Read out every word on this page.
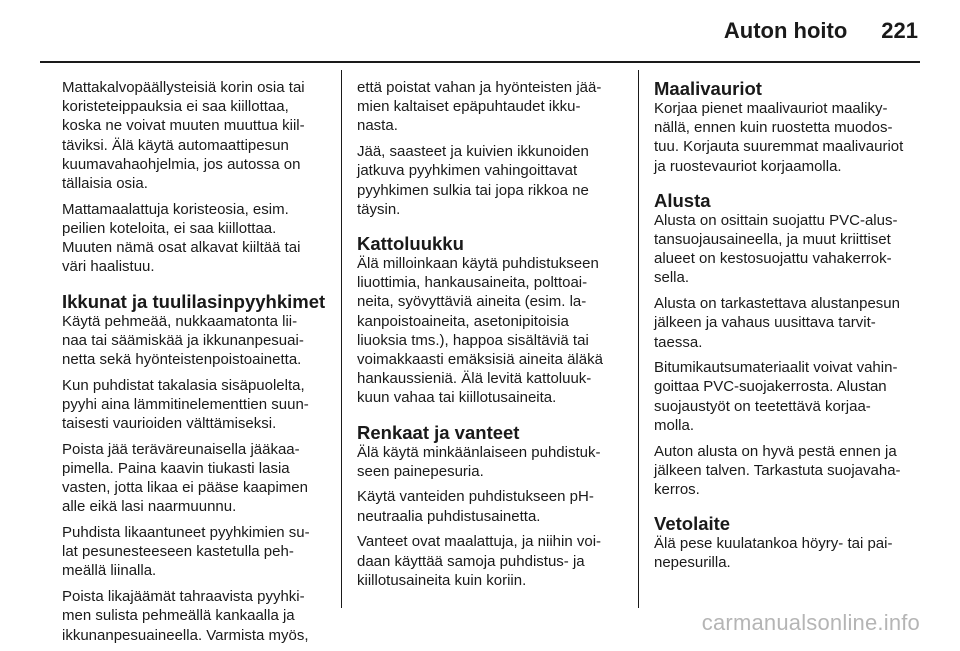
Auton hoito 221

Mattakalvopäällysteisiä korin osia tai
koristeteippauksia ei saa kiillottaa,
koska ne voivat muuten muuttua kiil-
täviksi. Älä käytä automaattipesun
kuumavahaohjelmia, jos autossa on
tällaisia osia.

Mattamaalattuja koristeosia, esim.
peilien koteloita, ei saa kiillottaa.
Muuten nämä osat alkavat kiiltää tai
väri haalistuu.

Ikkunat ja tuulilasinpyyhkimet

Käytä pehmeää, nukkaamatonta lii-
naa tai säämiskää ja ikkunanpesuai-
netta sekä hyönteistenpoistoainetta.

Kun puhdistat takalasia sisäpuolelta,
pyyhi aina lämmitinelementtien suun-
taisesti vaurioiden välttämiseksi.

Poista jää teräväreunaisella jääkaa-
pimella. Paina kaavin tiukasti lasia
vasten, jotta likaa ei pääse kaapimen
alle eikä lasi naarmuunnu.

Puhdista likaantuneet pyyhkimien su-
lat pesunesteeseen kastetulla peh-
meällä liinalla.

Poista likajäämät tahraavista pyyhki-
men sulista pehmeällä kankaalla ja
ikkunanpesuaineella. Varmista myös,

että poistat vahan ja hyönteisten jää-
mien kaltaiset epäpuhtaudet ikku-
nasta.

Jää, saasteet ja kuivien ikkunoiden
jatkuva pyyhkimen vahingoittavat
pyyhkimen sulkia tai jopa rikkoa ne
täysin.

Kattoluukku

Älä milloinkaan käytä puhdistukseen
liuottimia, hankausaineita, polttoai-
neita, syövyttäviä aineita (esim. la-
kanpoistoaineita, asetonipitoisia
liuoksia tms.), happoa sisältäviä tai
voimakkaasti emäksisiä aineita äläkä
hankaussieniä. Älä levitä kattoluuk-
kuun vahaa tai kiillotusaineita.

Renkaat ja vanteet

Älä käytä minkäänlaiseen puhdistuk-
seen painepesuria.

Käytä vanteiden puhdistukseen pH-
neutraalia puhdistusainetta.

Vanteet ovat maalattuja, ja niihin voi-
daan käyttää samoja puhdistus- ja
kiillotusaineita kuin koriin.

Maalivauriot

Korjaa pienet maalivauriot maaliky-
nällä, ennen kuin ruostetta muodos-
tuu. Korjauta suuremmat maalivauriot
ja ruostevauriot korjaamolla.

Alusta

Alusta on osittain suojattu PVC-alus-
tansuojausaineella, ja muut kriittiset
alueet on kestosuojattu vahakerrok-
sella.

Alusta on tarkastettava alustanpesun
jälkeen ja vahaus uusittava tarvit-
taessa.

Bitumikautsumateriaalit voivat vahin-
goittaa PVC-suojakerrosta. Alustan
suojaustyöt on teetettävä korjaa-
molla.

Auton alusta on hyvä pestä ennen ja
jälkeen talven. Tarkastuta suojavaha-
kerros.

Vetolaite

Älä pese kuulatankoa höyry- tai pai-
nepesurilla.

carmanualsonline.info
